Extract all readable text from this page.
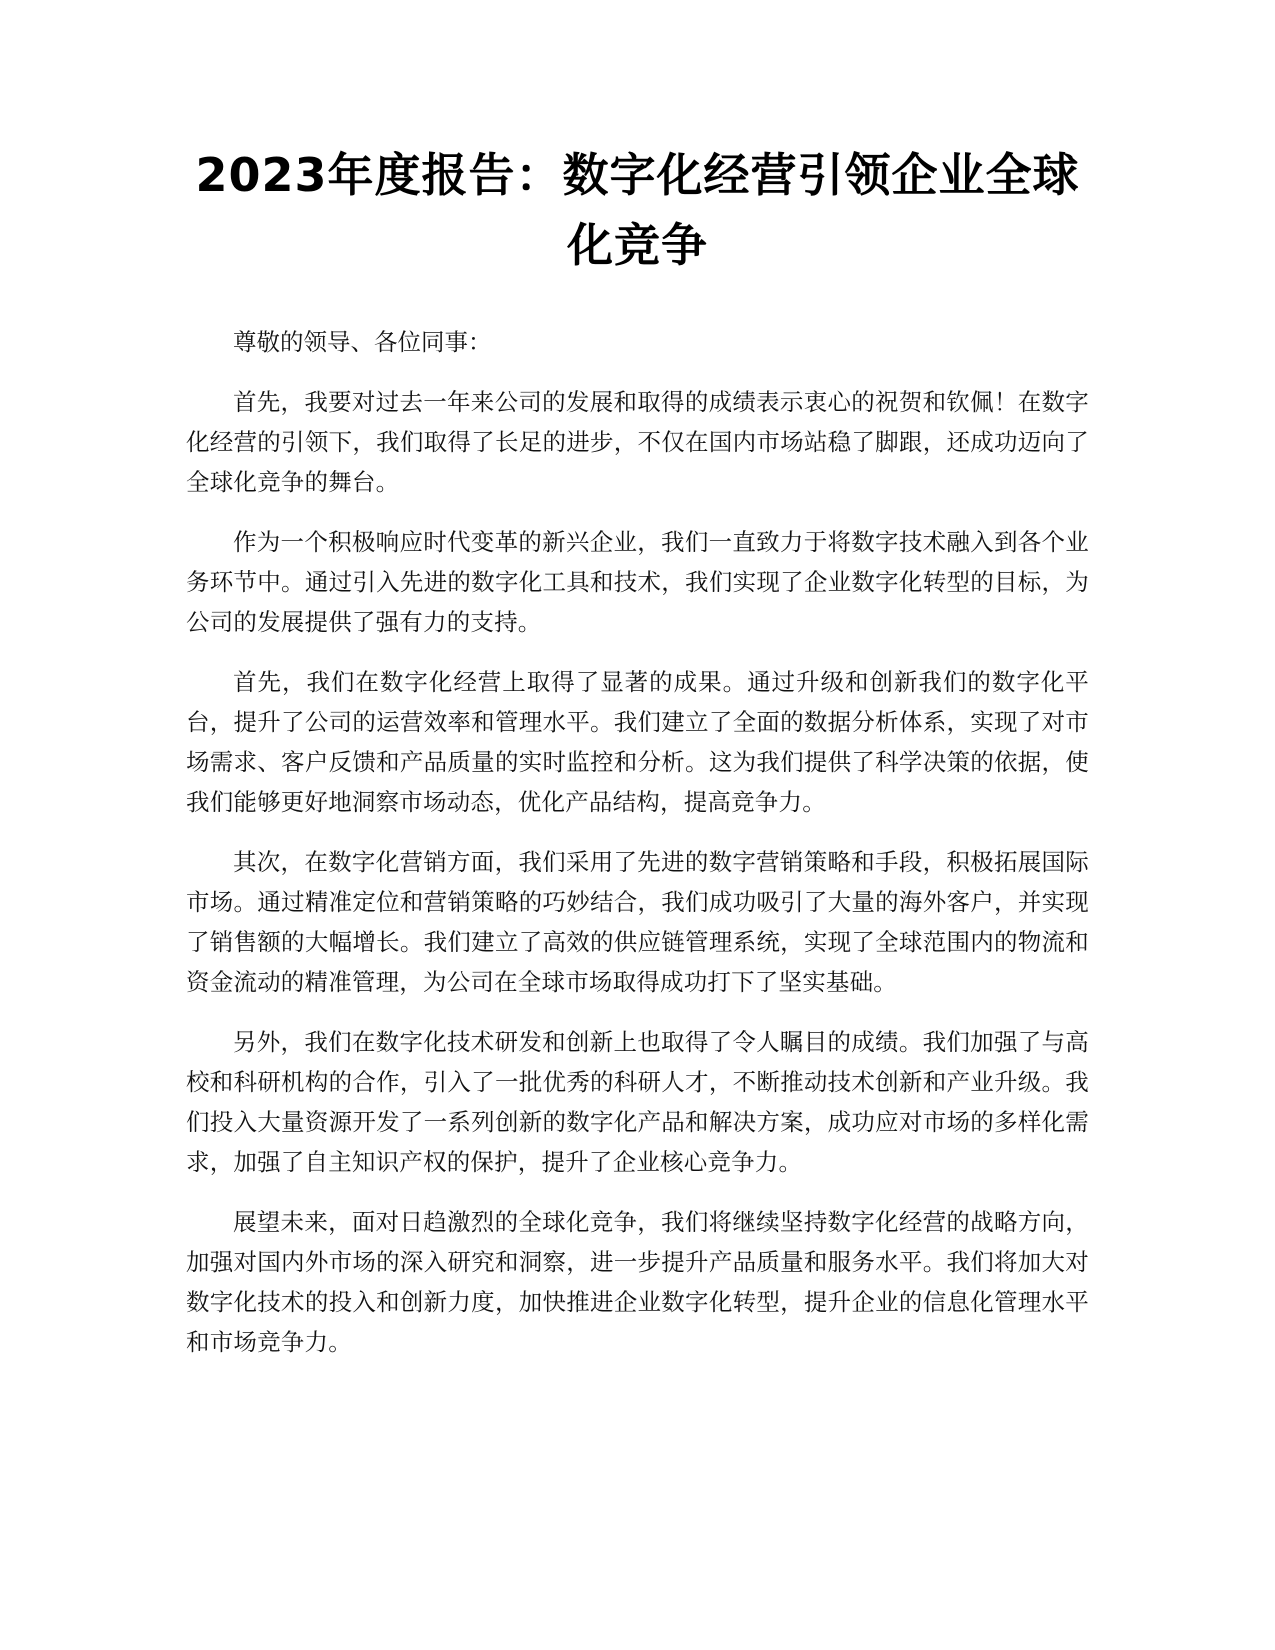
2023年度报告：数字化经营引领企业全球化竞争

尊敬的领导、各位同事：

首先，我要对过去一年来公司的发展和取得的成绩表示衷心的祝贺和钦佩！在数字化经营的引领下，我们取得了长足的进步，不仅在国内市场站稳了脚跟，还成功迈向了全球化竞争的舞台。

作为一个积极响应时代变革的新兴企业，我们一直致力于将数字技术融入到各个业务环节中。通过引入先进的数字化工具和技术，我们实现了企业数字化转型的目标，为公司的发展提供了强有力的支持。

首先，我们在数字化经营上取得了显著的成果。通过升级和创新我们的数字化平台，提升了公司的运营效率和管理水平。我们建立了全面的数据分析体系，实现了对市场需求、客户反馈和产品质量的实时监控和分析。这为我们提供了科学决策的依据，使我们能够更好地洞察市场动态，优化产品结构，提高竞争力。

其次，在数字化营销方面，我们采用了先进的数字营销策略和手段，积极拓展国际市场。通过精准定位和营销策略的巧妙结合，我们成功吸引了大量的海外客户，并实现了销售额的大幅增长。我们建立了高效的供应链管理系统，实现了全球范围内的物流和资金流动的精准管理，为公司在全球市场取得成功打下了坚实基础。

另外，我们在数字化技术研发和创新上也取得了令人瞩目的成绩。我们加强了与高校和科研机构的合作，引入了一批优秀的科研人才，不断推动技术创新和产业升级。我们投入大量资源开发了一系列创新的数字化产品和解决方案，成功应对市场的多样化需求，加强了自主知识产权的保护，提升了企业核心竞争力。

展望未来，面对日趋激烈的全球化竞争，我们将继续坚持数字化经营的战略方向，加强对国内外市场的深入研究和洞察，进一步提升产品质量和服务水平。我们将加大对数字化技术的投入和创新力度，加快推进企业数字化转型，提升企业的信息化管理水平和市场竞争力。
